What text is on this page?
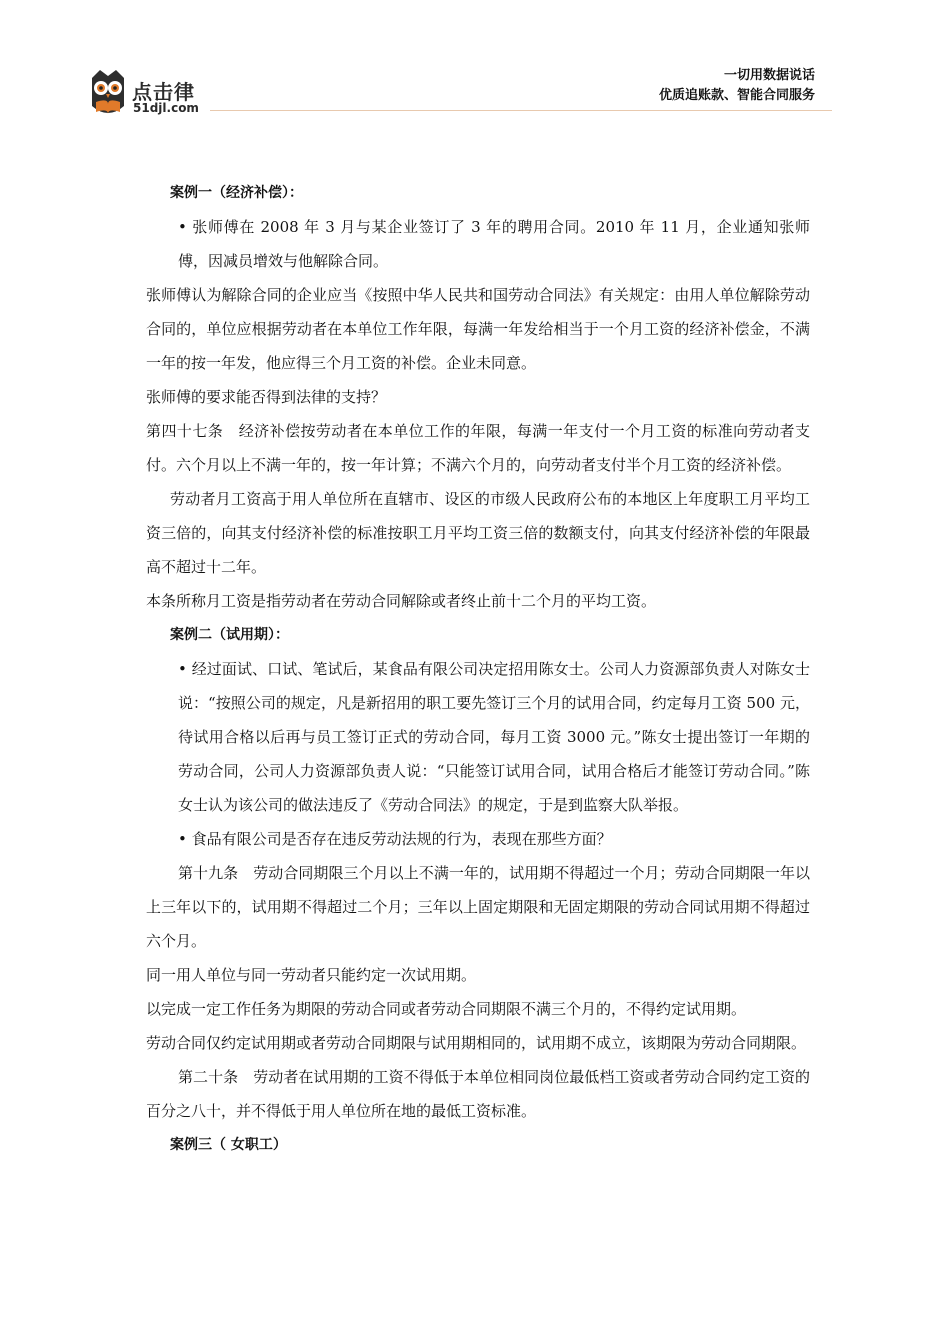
点击律
51djl.com
一切用数据说话
优质追账款、智能合同服务

案例一（经济补偿）：

• 张师傅在 2008 年 3 月与某企业签订了 3 年的聘用合同。2010 年 11 月，企业通知张师傅，因减员增效与他解除合同。

张师傅认为解除合同的企业应当《按照中华人民共和国劳动合同法》有关规定：由用人单位解除劳动合同的，单位应根据劳动者在本单位工作年限，每满一年发给相当于一个月工资的经济补偿金，不满一年的按一年发，他应得三个月工资的补偿。企业未同意。

张师傅的要求能否得到法律的支持？

第四十七条　经济补偿按劳动者在本单位工作的年限，每满一年支付一个月工资的标准向劳动者支付。六个月以上不满一年的，按一年计算；不满六个月的，向劳动者支付半个月工资的经济补偿。

劳动者月工资高于用人单位所在直辖市、设区的市级人民政府公布的本地区上年度职工月平均工资三倍的，向其支付经济补偿的标准按职工月平均工资三倍的数额支付，向其支付经济补偿的年限最高不超过十二年。

本条所称月工资是指劳动者在劳动合同解除或者终止前十二个月的平均工资。

案例二（试用期）：

• 经过面试、口试、笔试后，某食品有限公司决定招用陈女士。公司人力资源部负责人对陈女士说：“按照公司的规定，凡是新招用的职工要先签订三个月的试用合同，约定每月工资 500 元，待试用合格以后再与员工签订正式的劳动合同，每月工资 3000 元。”陈女士提出签订一年期的劳动合同，公司人力资源部负责人说：“只能签订试用合同，试用合格后才能签订劳动合同。”陈女士认为该公司的做法违反了《劳动合同法》的规定，于是到监察大队举报。

• 食品有限公司是否存在违反劳动法规的行为，表现在那些方面？

第十九条　劳动合同期限三个月以上不满一年的，试用期不得超过一个月；劳动合同期限一年以上三年以下的，试用期不得超过二个月；三年以上固定期限和无固定期限的劳动合同试用期不得超过六个月。

同一用人单位与同一劳动者只能约定一次试用期。

以完成一定工作任务为期限的劳动合同或者劳动合同期限不满三个月的，不得约定试用期。

劳动合同仅约定试用期或者劳动合同期限与试用期相同的，试用期不成立，该期限为劳动合同期限。

第二十条　劳动者在试用期的工资不得低于本单位相同岗位最低档工资或者劳动合同约定工资的百分之八十，并不得低于用人单位所在地的最低工资标准。

案例三（ 女职工）
